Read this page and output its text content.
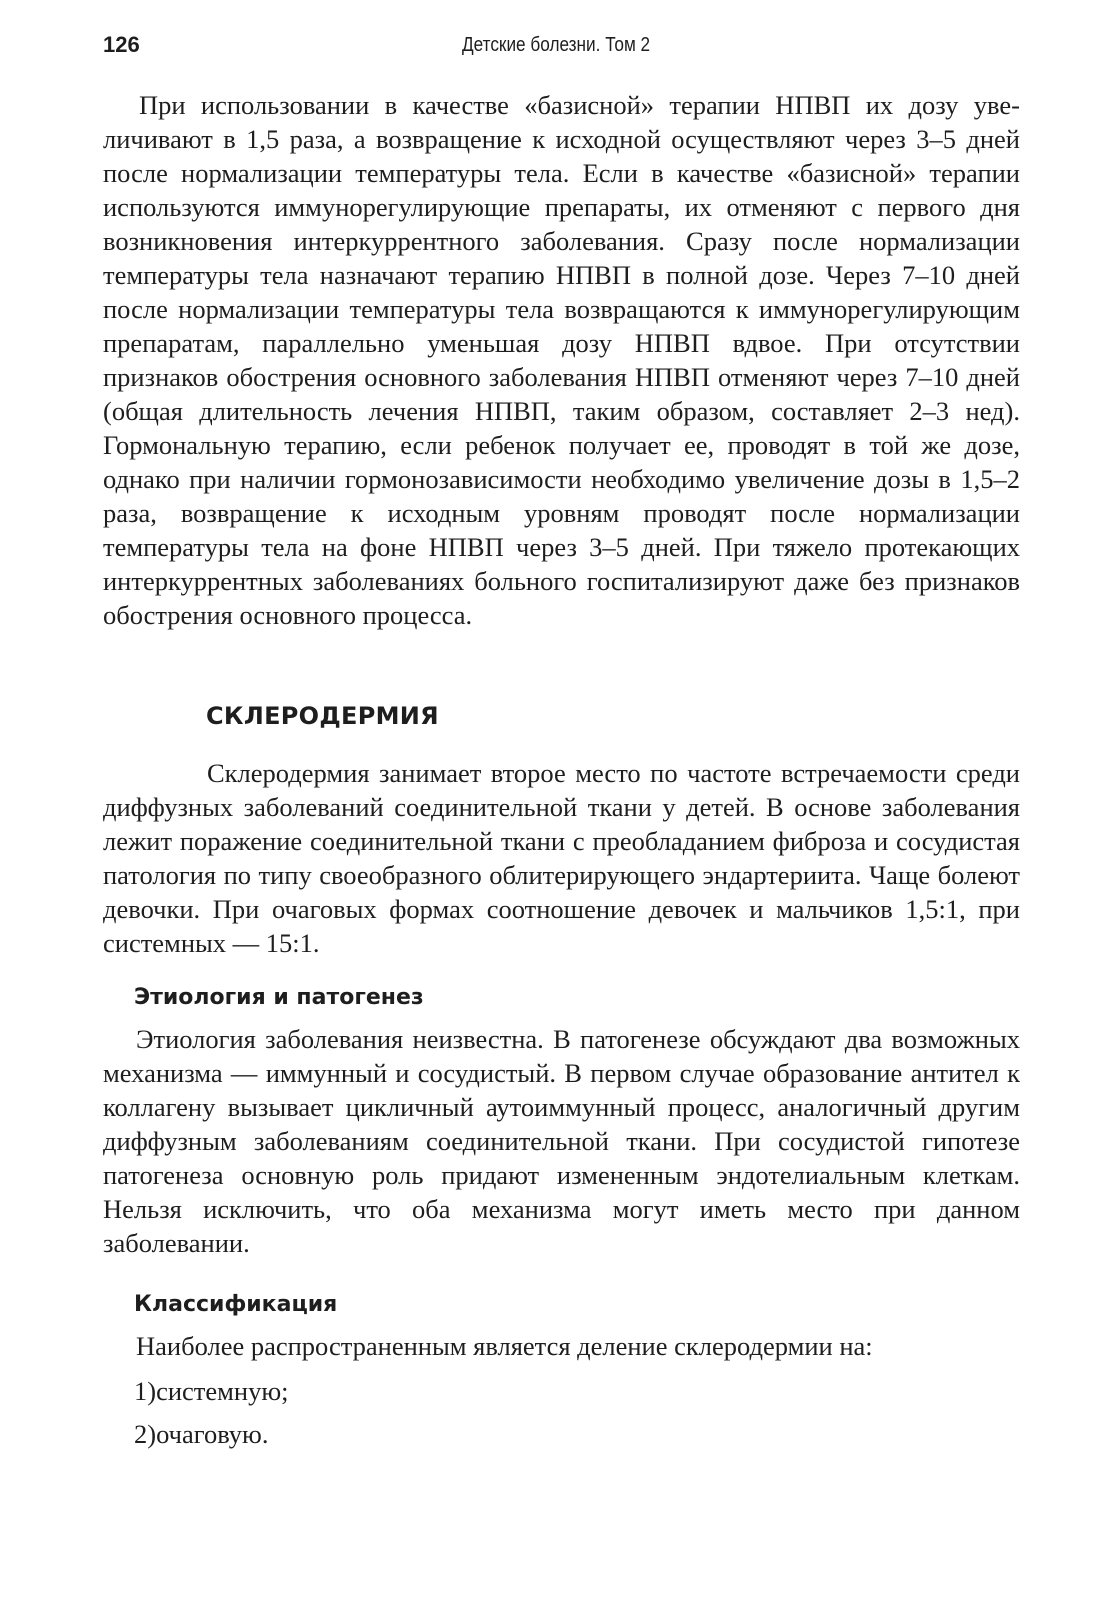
126	Детские болезни. Том 2

При использовании в качестве «базисной» терапии НПВП их дозу увеличивают в 1,5 раза, а возвращение к исходной осуществляют через 3–5 дней после нормализации температуры тела. Если в качестве «базисной» терапии используются иммунорегулирующие препараты, их отменяют с первого дня возникновения интеркуррентного заболевания. Сразу после нормализации температуры тела назначают терапию НПВП в полной дозе. Через 7–10 дней после нормализации температуры тела возвращаются к иммунорегулирующим препаратам, параллельно уменьшая дозу НПВП вдвое. При отсутствии признаков обострения основного заболевания НПВП отменяют через 7–10 дней (общая длительность лечения НПВП, таким образом, составляет 2–3 нед). Гормональную терапию, если ребенок получает ее, проводят в той же дозе, однако при наличии гормонозависимости необходимо увеличение дозы в 1,5–2 раза, возвращение к исходным уровням проводят после нормализации температуры тела на фоне НПВП через 3–5 дней. При тяжело протекающих интеркуррентных заболеваниях больного госпитализируют даже без признаков обострения основного процесса.

СКЛЕРОДЕРМИЯ

Склеродермия занимает второе место по частоте встречаемости среди диффузных заболеваний соединительной ткани у детей. В основе заболевания лежит поражение соединительной ткани с преобладанием фиброза и сосудистая патология по типу своеобразного облитерирующего эндартериита. Чаще болеют девочки. При очаговых формах соотношение девочек и мальчиков 1,5:1, при системных — 15:1.

Этиология и патогенез

Этиология заболевания неизвестна. В патогенезе обсуждают два возможных механизма — иммунный и сосудистый. В первом случае образование антител к коллагену вызывает цикличный аутоиммунный процесс, аналогичный другим диффузным заболеваниям соединительной ткани. При сосудистой гипотезе патогенеза основную роль придают измененным эндотелиальным клеткам. Нельзя исключить, что оба механизма могут иметь место при данном заболевании.

Классификация

Наиболее распространенным является деление склеродермии на:

1)системную;

2)очаговую.
